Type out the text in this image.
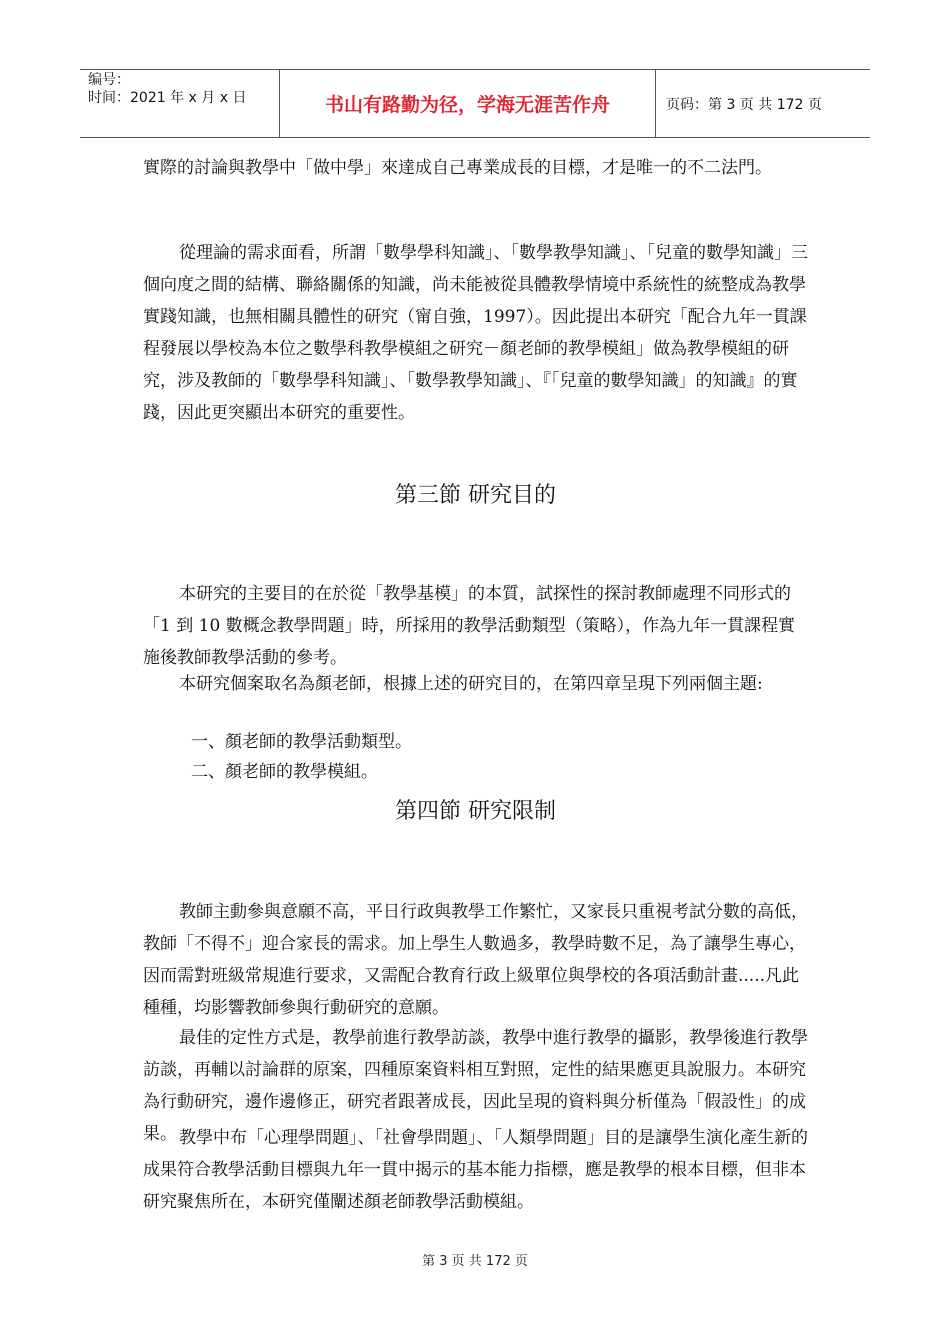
编号：
时间：2021 年 x 月 x 日	书山有路勤为径，学海无涯苦作舟	页码：第 3 页 共 172 页

實際的討論與教學中「做中學」來達成自己專業成長的目標，才是唯一的不二法門。

從理論的需求面看，所謂「數學學科知識」、「數學教學知識」、「兒童的數學知識」三個向度之間的結構、聯絡關係的知識，尚未能被從具體教學情境中系統性的統整成為教學實踐知識，也無相關具體性的研究（甯自強，1997）。因此提出本研究「配合九年一貫課程發展以學校為本位之數學科教學模組之研究－顏老師的教學模組」做為教學模組的研究，涉及教師的「數學學科知識」、「數學教學知識」、『「兒童的數學知識」的知識』的實踐，因此更突顯出本研究的重要性。

第三節 研究目的

本研究的主要目的在於從「教學基模」的本質，試探性的探討教師處理不同形式的「1 到 10 數概念教學問題」時，所採用的教學活動類型（策略），作為九年一貫課程實施後教師教學活動的參考。

本研究個案取名為顏老師，根據上述的研究目的，在第四章呈現下列兩個主題:

一、顏老師的教學活動類型。
二、顏老師的教學模組。
第四節 研究限制

教師主動參與意願不高，平日行政與教學工作繁忙，又家長只重視考試分數的高低，教師「不得不」迎合家長的需求。加上學生人數過多，教學時數不足，為了讓學生專心，因而需對班級常規進行要求，又需配合教育行政上級單位與學校的各項活動計畫.....凡此種種，均影響教師參與行動研究的意願。

最佳的定性方式是，教學前進行教學訪談，教學中進行教學的攝影，教學後進行教學訪談，再輔以討論群的原案，四種原案資料相互對照，定性的結果應更具說服力。本研究為行動研究，邊作邊修正，研究者跟著成長，因此呈現的資料與分析僅為「假設性」的成果。 教學中布「心理學問題」、「社會學問題」、「人類學問題」目的是讓學生演化產生新的成果符合教學活動目標與九年一貫中揭示的基本能力指標，應是教學的根本目標，但非本研究聚焦所在，本研究僅闡述顏老師教學活動模組。

第 3 页 共 172 页
